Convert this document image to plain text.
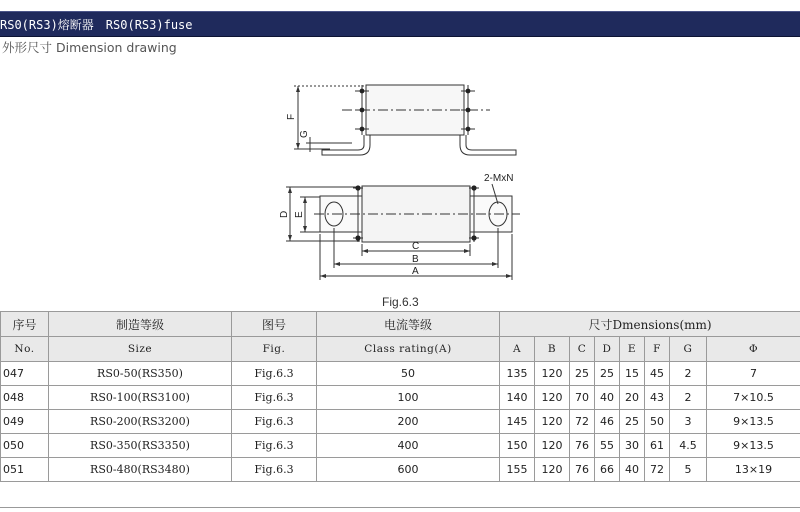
RS0(RS3)熔断器　RS0(RS3)fuse
外形尺寸 Dimension drawing
F
G
D E
C
B
A
2-MxN
Fig.6.3
序号	制造等级	图号	电流等级	尺寸Dmensions(mm)							
No.	Size	Fig.	Class rating(A)	A	B	C	D	E	F	G	Φ
047	RS0-50(RS350)	Fig.6.3	50	135	120	25	25	15	45	2	7
048	RS0-100(RS3100)	Fig.6.3	100	140	120	70	40	20	43	2	7×10.5
049	RS0-200(RS3200)	Fig.6.3	200	145	120	72	46	25	50	3	9×13.5
050	RS0-350(RS3350)	Fig.6.3	400	150	120	76	55	30	61	4.5	9×13.5
051	RS0-480(RS3480)	Fig.6.3	600	155	120	76	66	40	72	5	13×19
